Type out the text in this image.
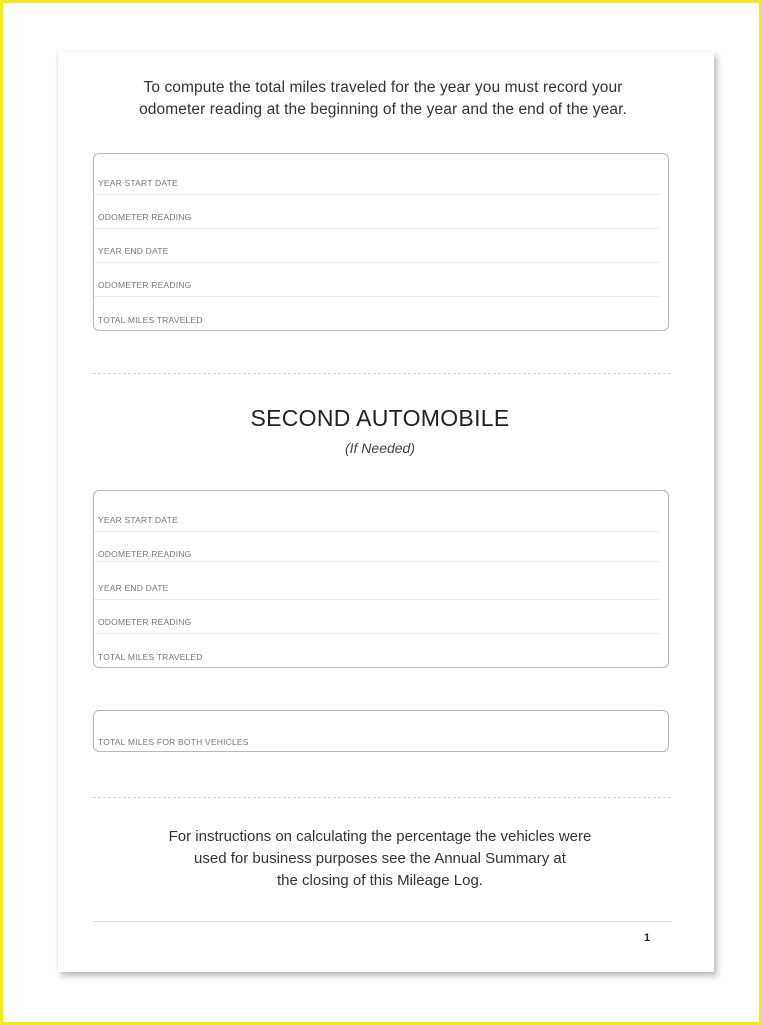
To compute the total miles traveled for the year you must record your
odometer reading at the beginning of the year and the end of the year.
YEAR START DATE
ODOMETER READING
YEAR END DATE
ODOMETER READING
TOTAL MILES TRAVELED
SECOND AUTOMOBILE
(If Needed)
YEAR START DATE
ODOMETER READING
YEAR END DATE
ODOMETER READING
TOTAL MILES TRAVELED
TOTAL MILES FOR BOTH VEHICLES
For instructions on calculating the percentage the vehicles were
used for business purposes see the Annual Summary at
the closing of this Mileage Log.
1
